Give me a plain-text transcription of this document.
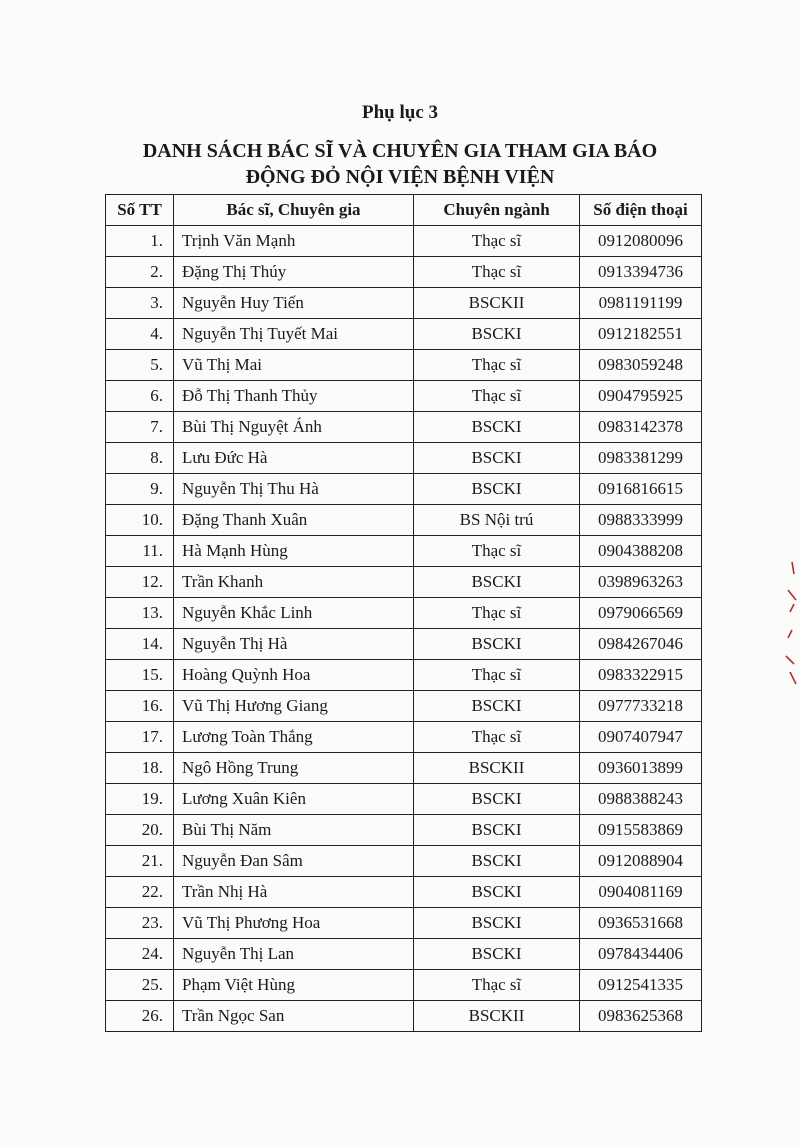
Phụ lục 3
DANH SÁCH BÁC SĨ VÀ CHUYÊN GIA THAM GIA BÁO
ĐỘNG ĐỎ NỘI VIỆN BỆNH VIỆN
Số TT	Bác sĩ, Chuyên gia	Chuyên ngành	Số điện thoại
1.	Trịnh Văn Mạnh	Thạc sĩ	0912080096
2.	Đặng Thị Thúy	Thạc sĩ	0913394736
3.	Nguyễn Huy Tiến	BSCKII	0981191199
4.	Nguyễn Thị Tuyết Mai	BSCKI	0912182551
5.	Vũ Thị Mai	Thạc sĩ	0983059248
6.	Đỗ Thị Thanh Thủy	Thạc sĩ	0904795925
7.	Bùi Thị Nguyệt Ánh	BSCKI	0983142378
8.	Lưu Đức Hà	BSCKI	0983381299
9.	Nguyễn Thị Thu Hà	BSCKI	0916816615
10.	Đặng Thanh Xuân	BS Nội trú	0988333999
11.	Hà Mạnh Hùng	Thạc sĩ	0904388208
12.	Trần Khanh	BSCKI	0398963263
13.	Nguyễn Khắc Linh	Thạc sĩ	0979066569
14.	Nguyễn Thị Hà	BSCKI	0984267046
15.	Hoàng Quỳnh Hoa	Thạc sĩ	0983322915
16.	Vũ Thị Hương Giang	BSCKI	0977733218
17.	Lương Toàn Thắng	Thạc sĩ	0907407947
18.	Ngô Hồng Trung	BSCKII	0936013899
19.	Lương Xuân Kiên	BSCKI	0988388243
20.	Bùi Thị Năm	BSCKI	0915583869
21.	Nguyễn Đan Sâm	BSCKI	0912088904
22.	Trần Nhị Hà	BSCKI	0904081169
23.	Vũ Thị Phương Hoa	BSCKI	0936531668
24.	Nguyễn Thị Lan	BSCKI	0978434406
25.	Phạm Việt Hùng	Thạc sĩ	0912541335
26.	Trần Ngọc San	BSCKII	0983625368
